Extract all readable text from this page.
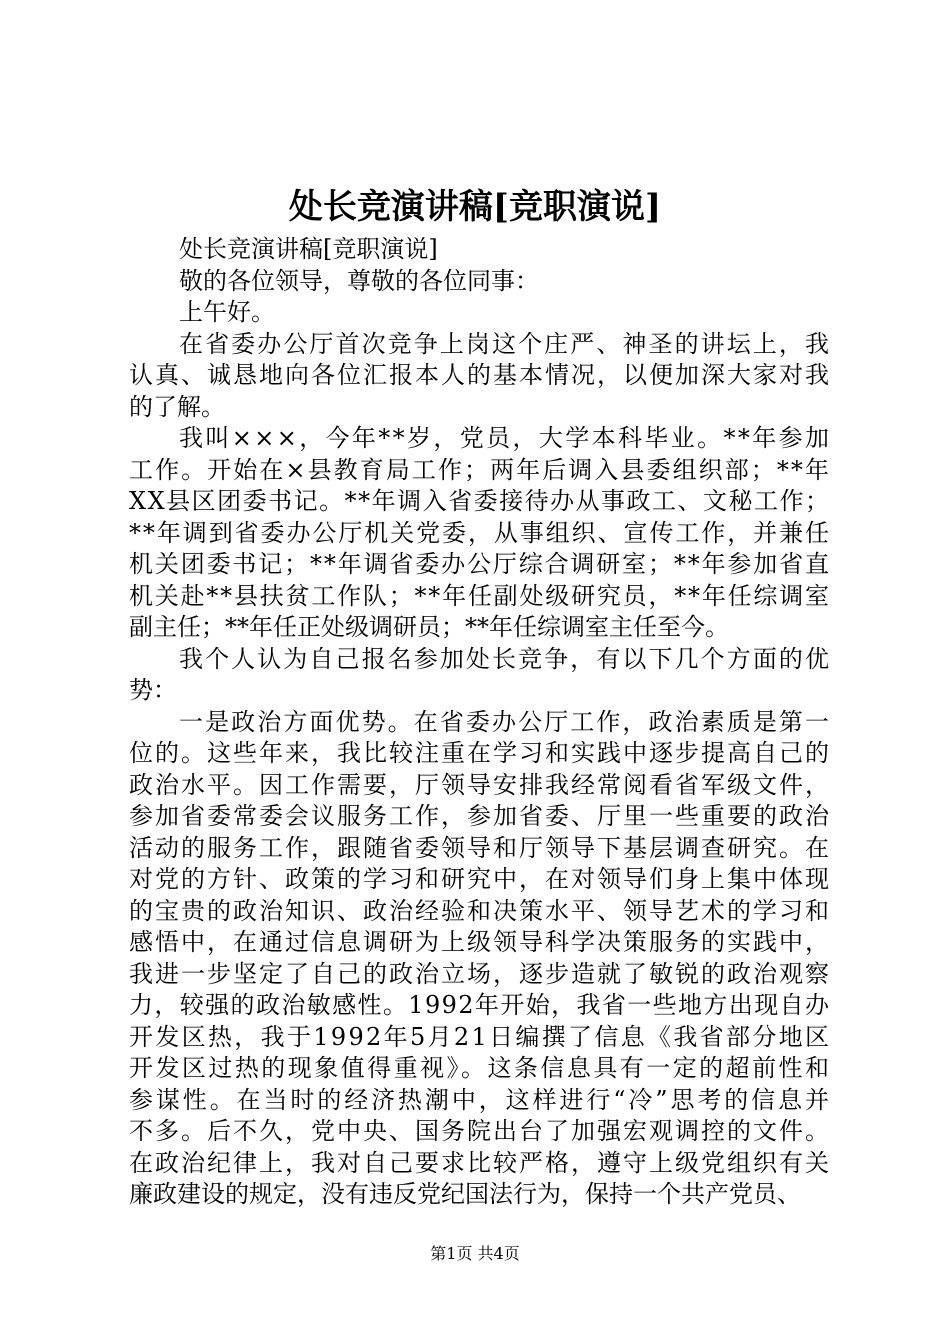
处长竞演讲稿[竞职演说]
处长竞演讲稿[竞职演说]
敬的各位领导，尊敬的各位同事：
上午好。
在省委办公厅首次竞争上岗这个庄严、神圣的讲坛上，我
认真、诚恳地向各位汇报本人的基本情况，以便加深大家对我
的了解。
我叫×××，今年**岁，党员，大学本科毕业。**年参加
工作。开始在×县教育局工作；两年后调入县委组织部；**年
XX县区团委书记。**年调入省委接待办从事政工、文秘工作；
**年调到省委办公厅机关党委，从事组织、宣传工作，并兼任
机关团委书记；**年调省委办公厅综合调研室；**年参加省直
机关赴**县扶贫工作队；**年任副处级研究员，**年任综调室
副主任；**年任正处级调研员；**年任综调室主任至今。
我个人认为自己报名参加处长竞争，有以下几个方面的优
势：
一是政治方面优势。在省委办公厅工作，政治素质是第一
位的。这些年来，我比较注重在学习和实践中逐步提高自己的
政治水平。因工作需要，厅领导安排我经常阅看省军级文件，
参加省委常委会议服务工作，参加省委、厅里一些重要的政治
活动的服务工作，跟随省委领导和厅领导下基层调查研究。在
对党的方针、政策的学习和研究中，在对领导们身上集中体现
的宝贵的政治知识、政治经验和决策水平、领导艺术的学习和
感悟中，在通过信息调研为上级领导科学决策服务的实践中，
我进一步坚定了自己的政治立场，逐步造就了敏锐的政治观察
力，较强的政治敏感性。1992年开始，我省一些地方出现自办
开发区热，我于1992年5月21日编撰了信息《我省部分地区
开发区过热的现象值得重视》。这条信息具有一定的超前性和
参谋性。在当时的经济热潮中，这样进行“冷”思考的信息并
不多。后不久，党中央、国务院出台了加强宏观调控的文件。
在政治纪律上，我对自己要求比较严格，遵守上级党组织有关
廉政建设的规定，没有违反党纪国法行为，保持一个共产党员、
第1页 共4页
